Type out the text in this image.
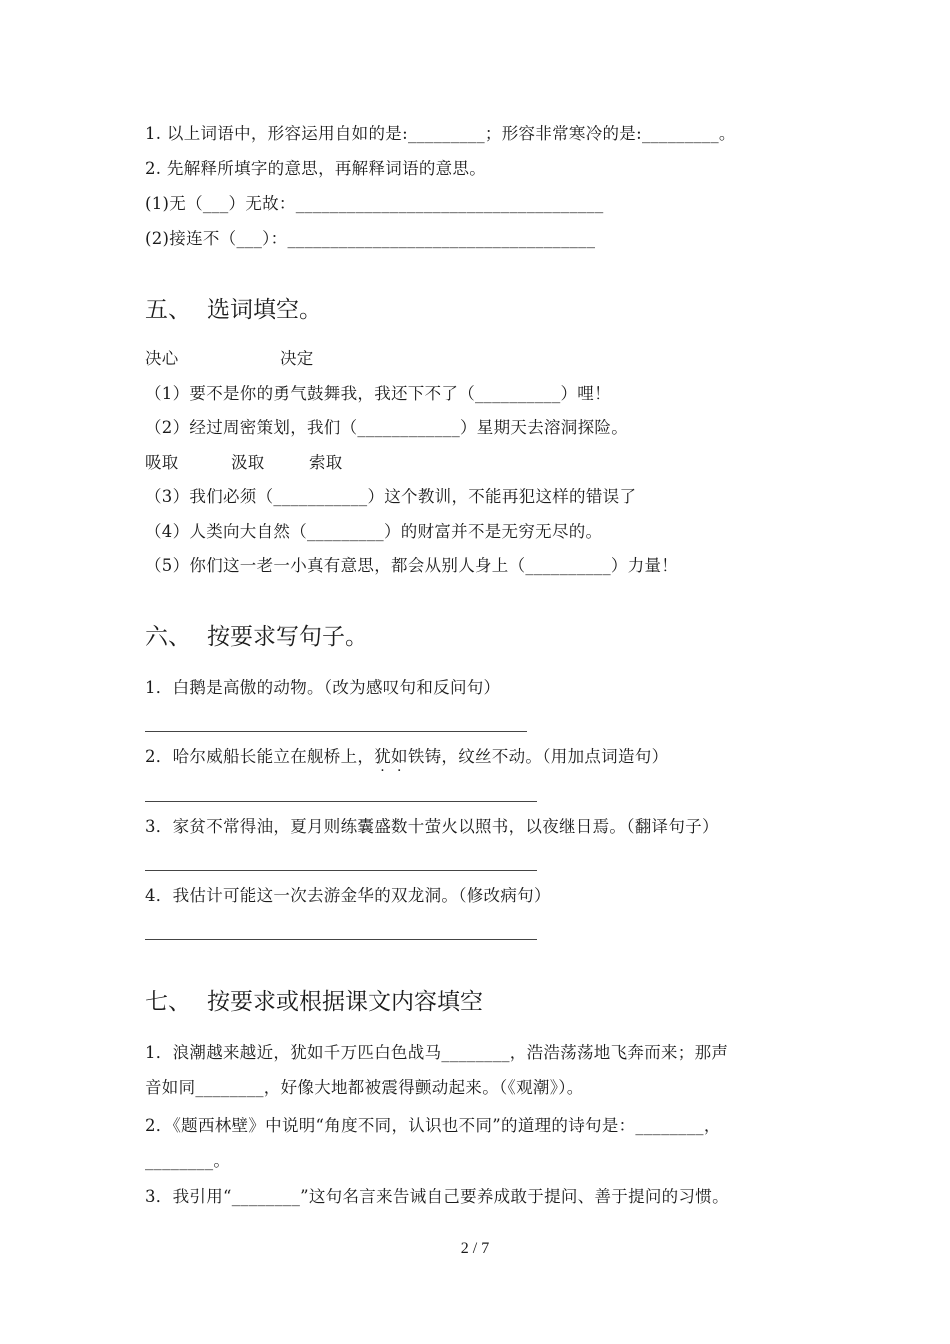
1. 以上词语中，形容运用自如的是:_________；形容非常寒冷的是:_________。
2. 先解释所填字的意思，再解释词语的意思。
(1)无（___）无故：____________________________________
(2)接连不（___）：____________________________________
五、 选词填空。
决心	决定
（1）要不是你的勇气鼓舞我，我还下不了（__________）哩！
（2）经过周密策划，我们（____________）星期天去溶洞探险。
吸取	汲取	索取
（3）我们必须（___________）这个教训，不能再犯这样的错误了
（4）人类向大自然（_________）的财富并不是无穷无尽的。
（5）你们这一老一小真有意思，都会从别人身上（__________）力量！
六、 按要求写句子。
1．白鹅是高傲的动物。（改为感叹句和反问句）
2．哈尔威船长能立在舰桥上，犹如铁铸，纹丝不动。（用加点词造句）
3．家贫不常得油，夏月则练囊盛数十萤火以照书，以夜继日焉。（翻译句子）
4．我估计可能这一次去游金华的双龙洞。（修改病句）
七、 按要求或根据课文内容填空
1．浪潮越来越近，犹如千万匹白色战马________，浩浩荡荡地飞奔而来；那声
音如同________，好像大地都被震得颤动起来。（《观潮》）。
2．《题西林壁》中说明“角度不同，认识也不同”的道理的诗句是：________，
________。
3．我引用“________”这句名言来告诫自己要养成敢于提问、善于提问的习惯。
2 / 7
